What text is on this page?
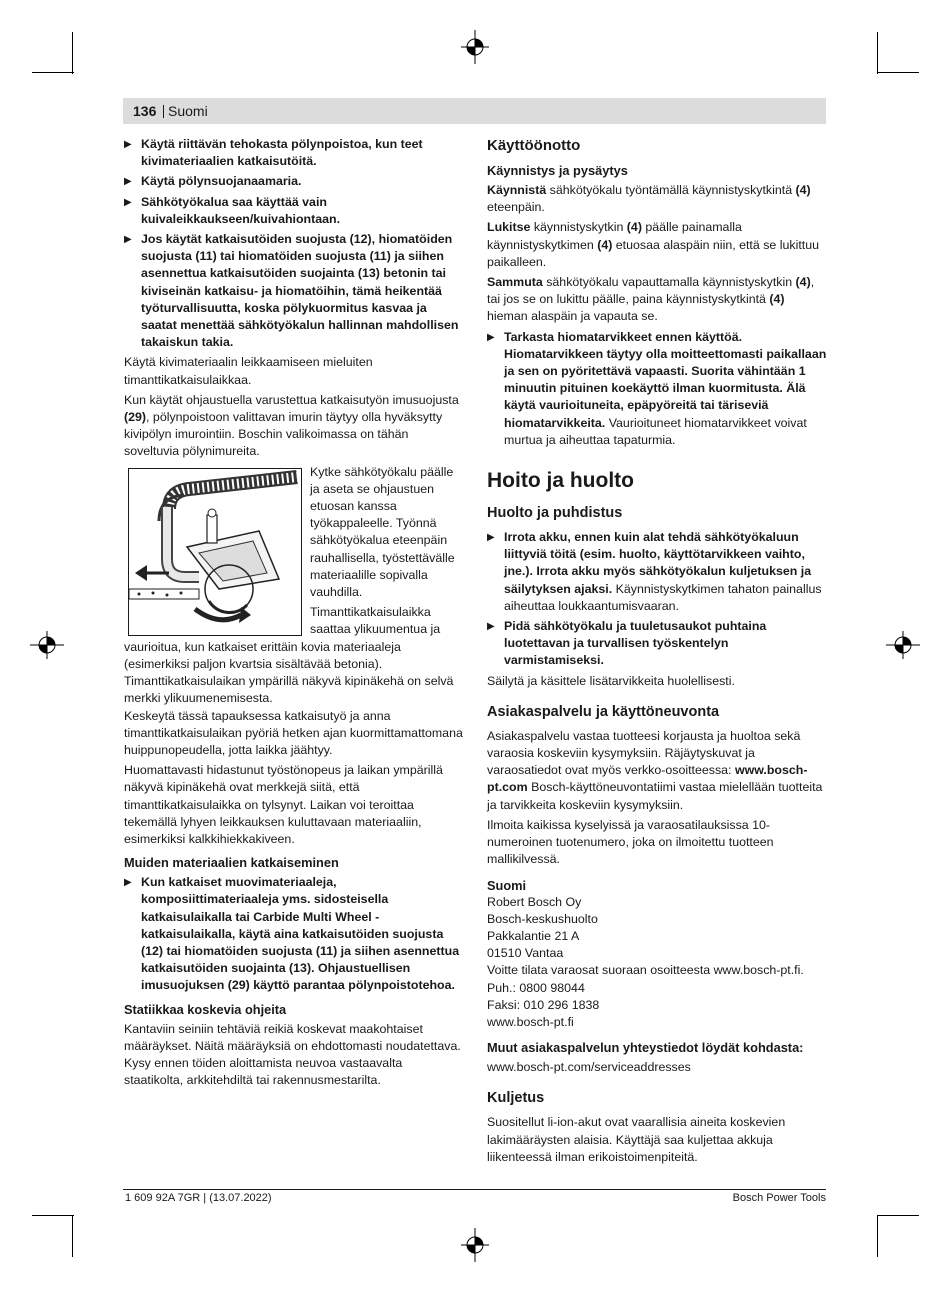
136 Suomi
▶ Käytä riittävän tehokasta pölynpoistoa, kun teet kivimateriaalien katkaisutöitä.
▶ Käytä pölynsuojanaamaria.
▶ Sähkötyökalua saa käyttää vain kuivaleikkaukseen/kuivahiontaan.
▶ Jos käytät katkaisutöiden suojusta (12), hiomatöiden suojusta (11) tai hiomatöiden suojusta (11) ja siihen asennettua katkaisutöiden suojainta (13) betonin tai kiviseinän katkaisu- ja hiomatöihin, tämä heikentää työturvallisuutta, koska pölykuormitus kasvaa ja saatat menettää sähkötyökalun hallinnan mahdollisen takaiskun takia.

Käytä kivimateriaalin leikkaamiseen mieluiten timanttikatkaisulaikkaa.

Kun käytät ohjaustuella varustettua katkaisutyön imusuojusta (29), pölynpoistoon valittavan imurin täytyy olla hyväksytty kivipölyn imurointiin. Boschin valikoimassa on tähän soveltuvia pölynimureita.

Kytke sähkötyökalu päälle ja aseta se ohjaustuen etuosan kanssa työkappaleelle. Työnnä sähkötyökalua eteenpäin rauhallisella, työstettävälle materiaalille sopivalla vauhdilla.

Timanttikatkaisulaikka saattaa ylikuumentua ja vaurioitua, kun katkaiset erittäin kovia materiaaleja (esimerkiksi paljon kvartsia sisältävää betonia). Timanttikatkaisulaikan ympärillä näkyvä kipinäkehä on selvä merkki ylikuumenemisesta.

Keskeytä tässä tapauksessa katkaisutyö ja anna timanttikatkaisulaikan pyöriä hetken ajan kuormittamattomana huippunopeudella, jotta laikka jäähtyy.

Huomattavasti hidastunut työstönopeus ja laikan ympärillä näkyvä kipinäkehä ovat merkkejä siitä, että timanttikatkaisulaikka on tylsynyt. Laikan voi teroittaa tekemällä lyhyen leikkauksen kuluttavaan materiaaliin, esimerkiksi kalkkihiekkakiveen.

Muiden materiaalien katkaiseminen
▶ Kun katkaiset muovimateriaaleja, komposiittimateriaaleja yms. sidosteisella katkaisulaikalla tai Carbide Multi Wheel -katkaisulaikalla, käytä aina katkaisutöiden suojusta (12) tai hiomatöiden suojusta (11) ja siihen asennettua katkaisutöiden suojainta (13). Ohjaustuellisen imusuojuksen (29) käyttö parantaa pölynpoistotehoa.
Statiikkaa koskevia ohjeita

Kantaviin seiniin tehtäviä reikiä koskevat maakohtaiset määräykset. Näitä määräyksiä on ehdottomasti noudatettava. Kysy ennen töiden aloittamista neuvoa vastaavalta staatikolta, arkkitehdiltä tai rakennusmestarilta.

Käyttöönotto
Käynnistys ja pysäytys

Käynnistä sähkötyökalu työntämällä käynnistyskytkintä (4) eteenpäin.

Lukitse käynnistyskytkin (4) päälle painamalla käynnistyskytkimen (4) etuosaa alaspäin niin, että se lukittuu paikalleen.

Sammuta sähkötyökalu vapauttamalla käynnistyskytkin (4), tai jos se on lukittu päälle, paina käynnistyskytkintä (4) hieman alaspäin ja vapauta se.

▶ Tarkasta hiomatarvikkeet ennen käyttöä. Hiomatarvikkeen täytyy olla moitteettomasti paikallaan ja sen on pyöritettävä vapaasti. Suorita vähintään 1 minuutin pituinen koekäyttö ilman kuormitusta. Älä käytä vaurioituneita, epäpyöreitä tai täriseviä hiomatarvikkeita. Vaurioituneet hiomatarvikkeet voivat murtua ja aiheuttaa tapaturmia.
Hoito ja huolto
Huolto ja puhdistus
▶ Irrota akku, ennen kuin alat tehdä sähkötyökaluun liittyviä töitä (esim. huolto, käyttötarvikkeen vaihto, jne.). Irrota akku myös sähkötyökalun kuljetuksen ja säilytyksen ajaksi. Käynnistyskytkimen tahaton painallus aiheuttaa loukkaantumisvaaran.
▶ Pidä sähkötyökalu ja tuuletusaukot puhtaina luotettavan ja turvallisen työskentelyn varmistamiseksi.

Säilytä ja käsittele lisätarvikkeita huolellisesti.

Asiakaspalvelu ja käyttöneuvonta

Asiakaspalvelu vastaa tuotteesi korjausta ja huoltoa sekä varaosia koskeviin kysymyksiin. Räjäytyskuvat ja varaosatiedot ovat myös verkko-osoitteessa: www.bosch-pt.com Bosch-käyttöneuvontatiimi vastaa mielellään tuotteita ja tarvikkeita koskeviin kysymyksiin.

Ilmoita kaikissa kyselyissä ja varaosatilauksissa 10-numeroinen tuotenumero, joka on ilmoitettu tuotteen mallikilvessä.

Suomi
Robert Bosch Oy
Bosch-keskushuolto
Pakkalantie 21 A
01510 Vantaa
Voitte tilata varaosat suoraan osoitteesta www.bosch-pt.fi.
Puh.: 0800 98044
Faksi: 010 296 1838
www.bosch-pt.fi
Muut asiakaspalvelun yhteystiedot löydät kohdasta:

www.bosch-pt.com/serviceaddresses

Kuljetus

Suositellut li-ion-akut ovat vaarallisia aineita koskevien lakimääräysten alaisia. Käyttäjä saa kuljettaa akkuja liikenteessä ilman erikoistoimenpiteitä.

1 609 92A 7GR | (13.07.2022)	Bosch Power Tools
